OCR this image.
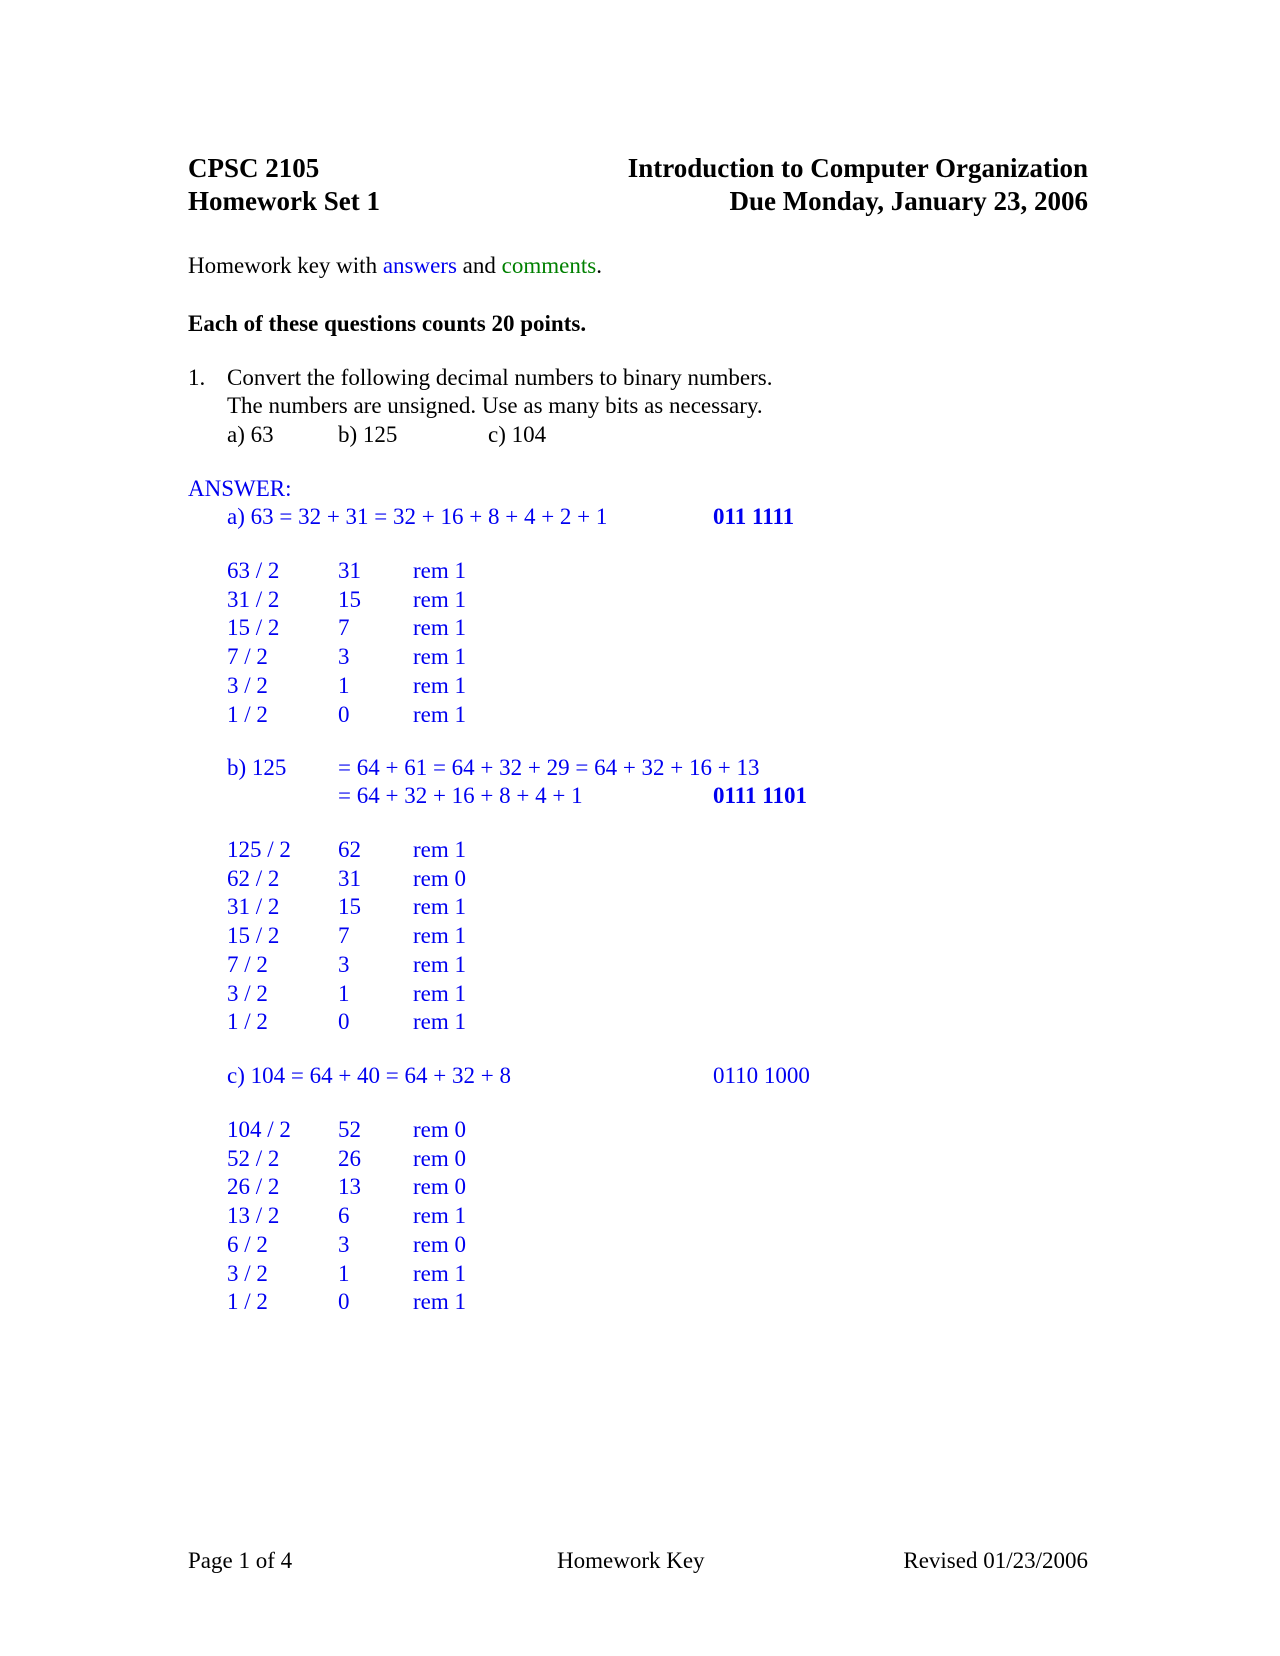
CPSC 2105	Introduction to Computer Organization
Homework Set 1	Due Monday, January 23, 2006
Homework key with answers and comments.
Each of these questions counts 20 points.
1. Convert the following decimal numbers to binary numbers.
The numbers are unsigned. Use as many bits as necessary.
a) 63	b) 125	c) 104
ANSWER:
a) 63 = 32 + 31 = 32 + 16 + 8 + 4 + 2 + 1	011 1111
b) 125 = 64 + 61 = 64 + 32 + 29 = 64 + 32 + 16 + 13
= 64 + 32 + 16 + 8 + 4 + 1	0111 1101
c) 104 = 64 + 40 = 64 + 32 + 8	0110 1000
Page 1 of 4	Homework Key	Revised 01/23/2006
63 / 2	31 rem 1
31 / 2	15 rem 1
15 / 2	7	rem 1
7 / 2	3	rem 1
3 / 2	1	rem 1
1 / 2	0	rem 1
125 / 2 62 rem 1
62 / 2	31 rem 0
31 / 2	15 rem 1
15 / 2	7	rem 1
7 / 2	3	rem 1
3 / 2	1	rem 1
1 / 2	0	rem 1
104 / 2 52 rem 0
52 / 2	26 rem 0
26 / 2	13 rem 0
13 / 2	6	rem 1
6 / 2	3	rem 0
3 / 2	1	rem 1
1 / 2	0	rem 1
